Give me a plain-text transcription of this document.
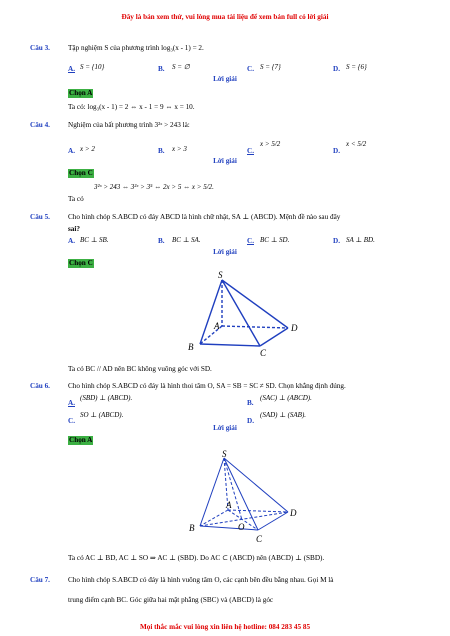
Đây là bản xem thử, vui lòng mua tài liệu để xem bản full có lời giải
Mọi thắc mắc vui lòng xin liên hệ hotline: 084 283 45 85
Câu 3.	Tập nghiệm S của phương trình log₃(x - 1) = 2.
A. S = {10}	B. S = ∅	C. S = {7}	D. S = {6}
Lời giải
Chọn A
Ta có: log₃(x - 1) = 2 ⇔ x - 1 = 9 ⇔ x = 10.
Câu 4.	Nghiệm của bất phương trình 3²ˣ > 243 là:
A. x > 2	B. x > 3	C.
x > 5/2
D.
x < 5/2
Lời giải
Chọn C
3²ˣ > 243 ⇔ 3²ˣ > 3⁵ ⇔ 2x > 5 ⇔ x > 5/2.
Ta có
Câu 5.	Cho hình chóp S.ABCD có đáy ABCD là hình chữ nhật, SA ⊥ (ABCD). Mệnh đề nào sau đây
sai?
A. BC ⊥ SB.	B. BC ⊥ SA.	C. BC ⊥ SD.	D. SA ⊥ BD.
Lời giải
Chọn C
S
A
B
C
D
Ta có BC // AD nên BC không vuông góc với SD.
Câu 6.	Cho hình chóp S.ABCD có đáy là hình thoi tâm O, SA = SB = SC ≠ SD. Chọn khẳng định đúng.
A.
(SBD) ⊥ (ABCD).
B.
(SAC) ⊥ (ABCD).
C.
SO ⊥ (ABCD).
D.
(SAD) ⊥ (SAB).
Lời giải
Chọn A
S
A
B	O
C
D
Ta có AC ⊥ BD, AC ⊥ SO ⇒ AC ⊥ (SBD). Do AC ⊂ (ABCD) nên (ABCD) ⊥ (SBD).
Câu 7.	Cho hình chóp S.ABCD có đáy là hình vuông tâm O, các cạnh bên đều bằng nhau. Gọi M là
trung điểm cạnh BC. Góc giữa hai mặt phẳng (SBC) và (ABCD) là góc
